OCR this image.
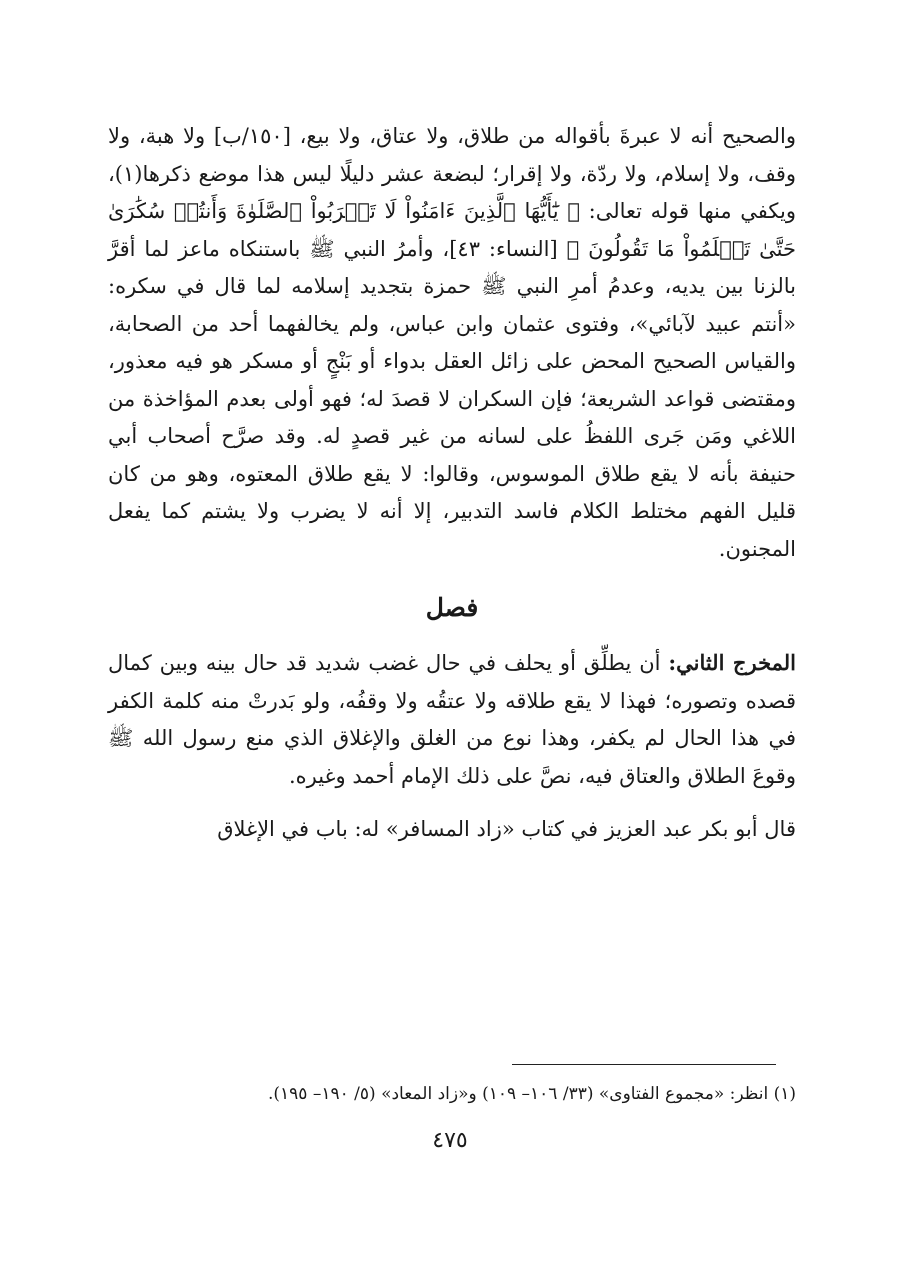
والصحيح أنه لا عبرةَ بأقواله من طلاق، ولا عتاق، ولا بيع، [١٥٠/ب] ولا هبة، ولا وقف، ولا إسلام، ولا ردّة، ولا إقرار؛ لبضعة عشر دليلًا ليس هذا موضع ذكرها(١)، ويكفي منها قوله تعالى: ﴿ يَٰٓأَيُّهَا ٱلَّذِينَ ءَامَنُواْ لَا تَقۡرَبُواْ ٱلصَّلَوٰةَ وَأَنتُمۡ سُكَٰرَىٰ حَتَّىٰ تَعۡلَمُواْ مَا تَقُولُونَ ﴾ [النساء: ٤٣]، وأمرُ النبي ﷺ باستنكاه ماعز لما أقرَّ بالزنا بين يديه، وعدمُ أمرِ النبي ﷺ حمزة بتجديد إسلامه لما قال في سكره: «أنتم عبيد لآبائي»، وفتوى عثمان وابن عباس، ولم يخالفهما أحد من الصحابة، والقياس الصحيح المحض على زائل العقل بدواء أو بَنْجٍ أو مسكر هو فيه معذور، ومقتضى قواعد الشريعة؛ فإن السكران لا قصدَ له؛ فهو أولى بعدم المؤاخذة من اللاغي ومَن جَرى اللفظُ على لسانه من غير قصدٍ له. وقد صرَّح أصحاب أبي حنيفة بأنه لا يقع طلاق الموسوس، وقالوا: لا يقع طلاق المعتوه، وهو من كان قليل الفهم مختلط الكلام فاسد التدبير، إلا أنه لا يضرب ولا يشتم كما يفعل المجنون.

فصل

المخرج الثاني: أن يطلِّق أو يحلف في حال غضب شديد قد حال بينه وبين كمال قصده وتصوره؛ فهذا لا يقع طلاقه ولا عتقُه ولا وقفُه، ولو بَدرتْ منه كلمة الكفر في هذا الحال لم يكفر، وهذا نوع من الغلق والإغلاق الذي منع رسول الله ﷺ وقوعَ الطلاق والعتاق فيه، نصَّ على ذلك الإمام أحمد وغيره.

قال أبو بكر عبد العزيز في كتاب «زاد المسافر» له: باب في الإغلاق

(١) انظر: «مجموع الفتاوى» (٣٣/ ١٠٦– ١٠٩) و«زاد المعاد» (٥/ ١٩٠– ١٩٥).
٤٧٥
